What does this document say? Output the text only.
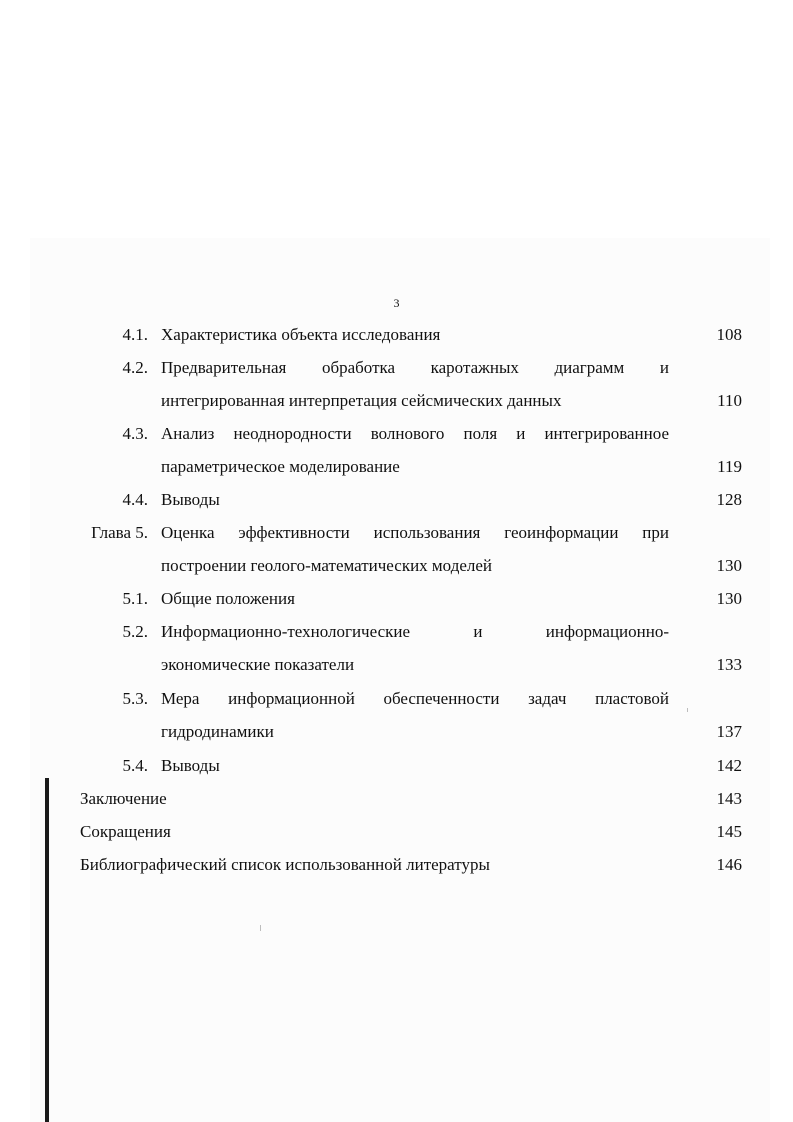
3
4.1. Характеристика объекта исследования	108
4.2. Предварительная обработка каротажных диаграмм и
интегрированная интерпретация сейсмических данных	110
4.3. Анализ неоднородности волнового поля и интегрированное
параметрическое моделирование	119
4.4. Выводы	128
Глава 5. Оценка эффективности использования геоинформации при
построении геолого-математических моделей	130
5.1. Общие положения	130
5.2. Информационно-технологические и информационно-
экономические показатели	133
5.3. Мера информационной обеспеченности задач пластовой
гидродинамики	137
5.4. Выводы	142
Заключение	143
Сокращения	145
Библиографический список использованной литературы	146
